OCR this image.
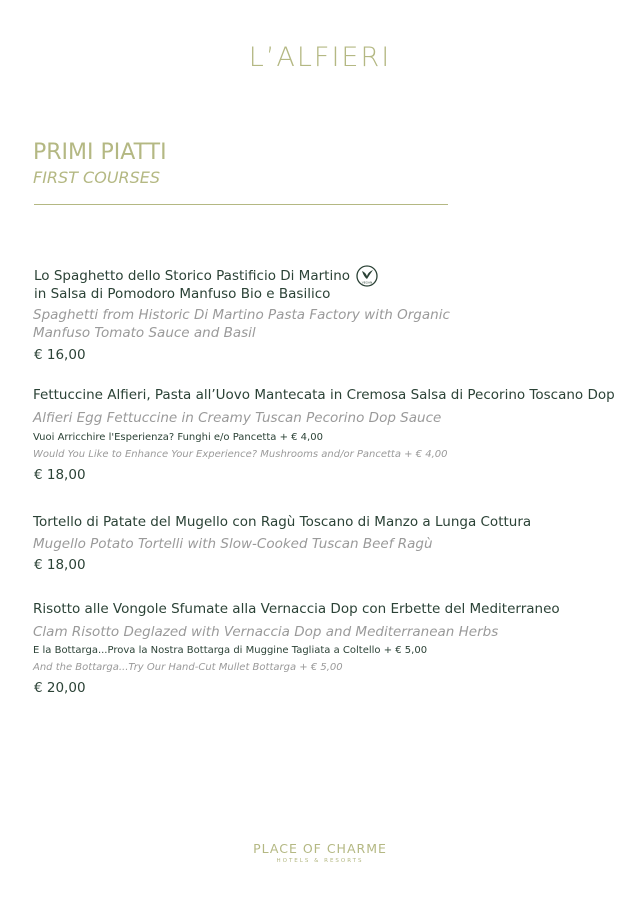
L’ALFIERI
PRIMI PIATTI
FIRST COURSES
Lo Spaghetto dello Storico Pastificio Di Martino
in Salsa di Pomodoro Manfuso Bio e Basilico
VEGAN
Spaghetti from Historic Di Martino Pasta Factory with Organic
Manfuso Tomato Sauce and Basil
€ 16,00
Fettuccine Alfieri, Pasta all’Uovo Mantecata in Cremosa Salsa di Pecorino Toscano Dop
Alfieri Egg Fettuccine in Creamy Tuscan Pecorino Dop Sauce
Vuoi Arricchire l'Esperienza? Funghi e/o Pancetta + € 4,00
Would You Like to Enhance Your Experience? Mushrooms and/or Pancetta + € 4,00
€ 18,00
Tortello di Patate del Mugello con Ragù Toscano di Manzo a Lunga Cottura
Mugello Potato Tortelli with Slow-Cooked Tuscan Beef Ragù
€ 18,00
Risotto alle Vongole Sfumate alla Vernaccia Dop con Erbette del Mediterraneo
Clam Risotto Deglazed with Vernaccia Dop and Mediterranean Herbs
E la Bottarga...Prova la Nostra Bottarga di Muggine Tagliata a Coltello + € 5,00
And the Bottarga...Try Our Hand-Cut Mullet Bottarga + € 5,00
€ 20,00
PLACE OF CHARME
HOTELS & RESORTS
